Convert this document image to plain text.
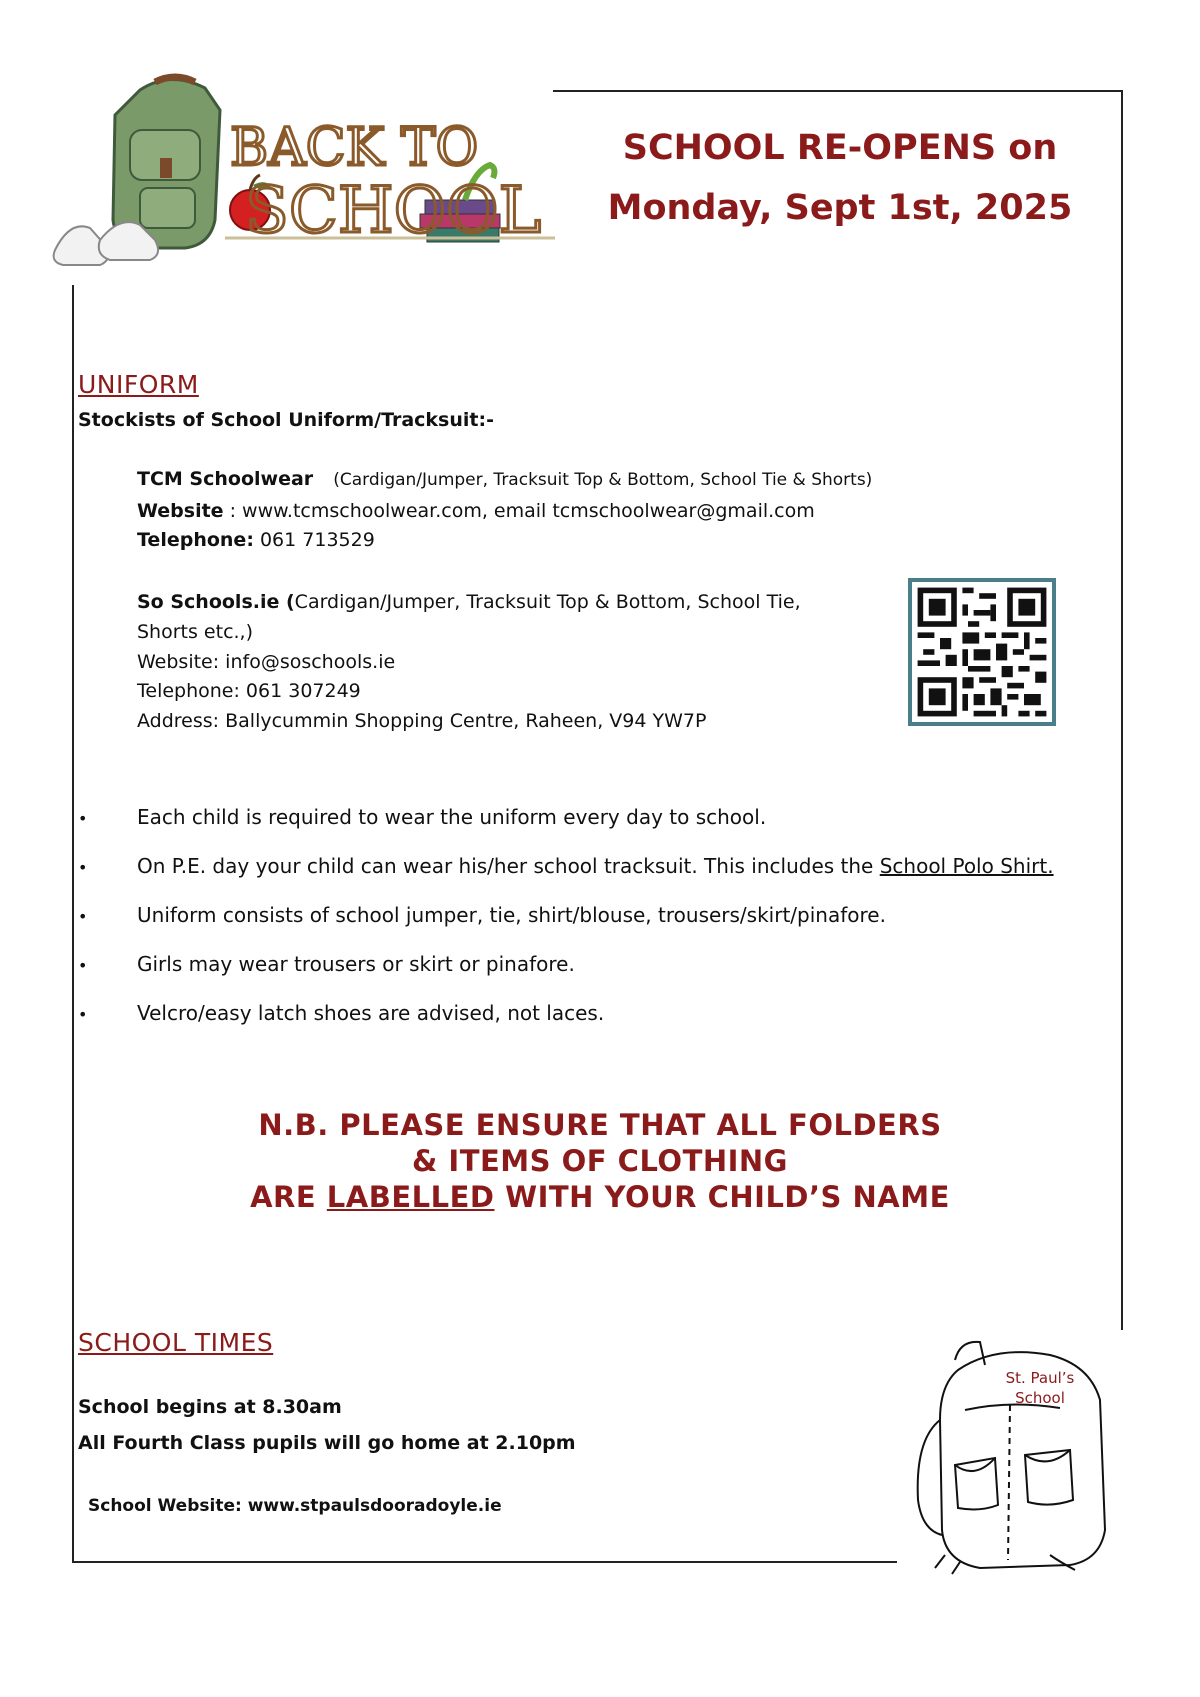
BACK TO
SCHOOL
SCHOOL RE-OPENS on
Monday, Sept 1st, 2025
UNIFORM
Stockists of School Uniform/Tracksuit:-
TCM Schoolwear (Cardigan/Jumper, Tracksuit Top & Bottom, School Tie & Shorts)
Website : www.tcmschoolwear.com, email tcmschoolwear@gmail.com
Telephone: 061 713529
So Schools.ie (Cardigan/Jumper, Tracksuit Top & Bottom, School Tie,
Shorts etc.,)
Website: info@soschools.ie
Telephone: 061 307249
Address: Ballycummin Shopping Centre, Raheen, V94 YW7P
• Each child is required to wear the uniform every day to school.
• On P.E. day your child can wear his/her school tracksuit. This includes the School Polo Shirt.
• Uniform consists of school jumper, tie, shirt/blouse, trousers/skirt/pinafore.
• Girls may wear trousers or skirt or pinafore.
• Velcro/easy latch shoes are advised, not laces.
N.B. PLEASE ENSURE THAT ALL FOLDERS
& ITEMS OF CLOTHING
ARE LABELLED WITH YOUR CHILD’S NAME
SCHOOL TIMES
School begins at 8.30am
All Fourth Class pupils will go home at 2.10pm
School Website: www.stpaulsdooradoyle.ie
St. Paul’s
School
